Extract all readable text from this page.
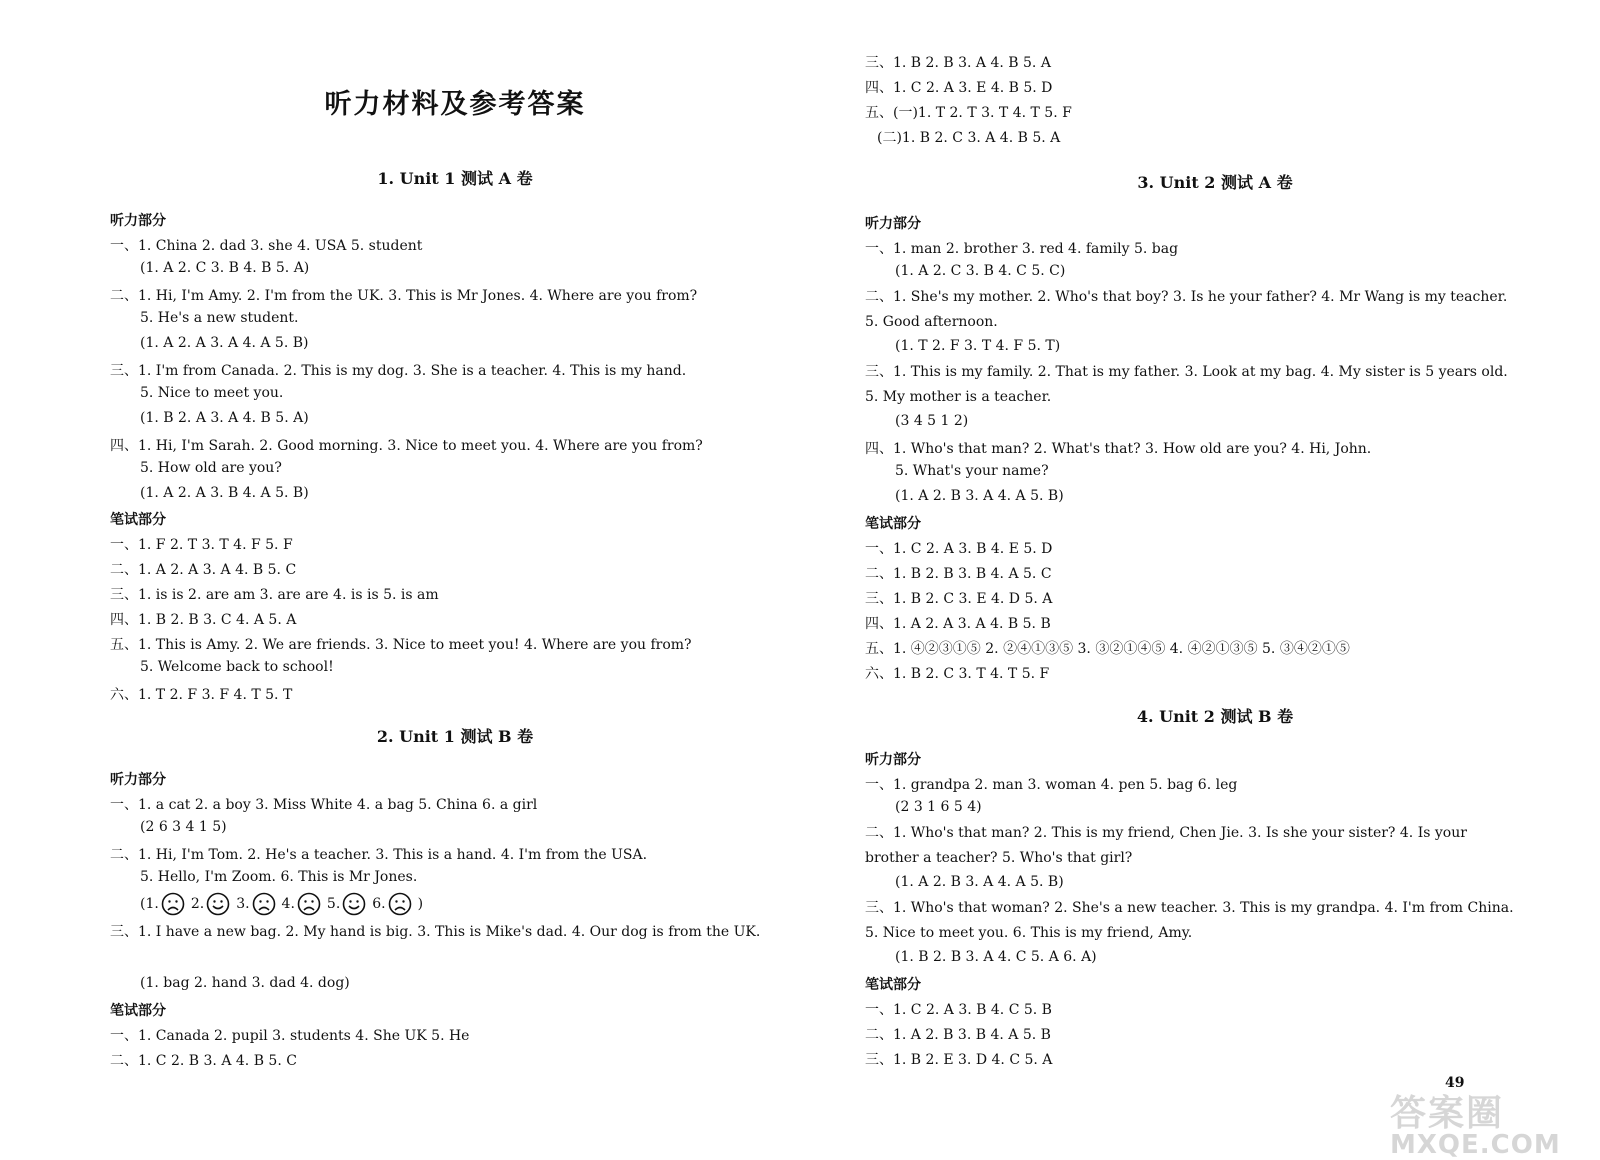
听力材料及参考答案
1. Unit 1 测试 A 卷
听力部分
一、1. China 2. dad 3. she 4. USA 5. student
(1. A 2. C 3. B 4. B 5. A)
二、1. Hi, I'm Amy. 2. I'm from the UK. 3. This is Mr Jones. 4. Where are you from?
5. He's a new student.
(1. A 2. A 3. A 4. A 5. B)
三、1. I'm from Canada. 2. This is my dog. 3. She is a teacher. 4. This is my hand.
5. Nice to meet you.
(1. B 2. A 3. A 4. B 5. A)
四、1. Hi, I'm Sarah. 2. Good morning. 3. Nice to meet you. 4. Where are you from?
5. How old are you?
(1. A 2. A 3. B 4. A 5. B)
笔试部分
一、1. F 2. T 3. T 4. F 5. F
二、1. A 2. A 3. A 4. B 5. C
三、1. is is 2. are am 3. are are 4. is is 5. is am
四、1. B 2. B 3. C 4. A 5. A
五、1. This is Amy. 2. We are friends. 3. Nice to meet you! 4. Where are you from?
5. Welcome back to school!
六、1. T 2. F 3. F 4. T 5. T
2. Unit 1 测试 B 卷
听力部分
一、1. a cat 2. a boy 3. Miss White 4. a bag 5. China 6. a girl
(2 6 3 4 1 5)
二、1. Hi, I'm Tom. 2. He's a teacher. 3. This is a hand. 4. I'm from the USA.
5. Hello, I'm Zoom. 6. This is Mr Jones.
(1. 2. 3. 4. 5. 6. )
三、1. I have a new bag. 2. My hand is big. 3. This is Mike's dad. 4. Our dog is from the UK.
(1. bag 2. hand 3. dad 4. dog)
笔试部分
一、1. Canada 2. pupil 3. students 4. She UK 5. He
二、1. C 2. B 3. A 4. B 5. C
三、1. B 2. B 3. A 4. B 5. A
四、1. C 2. A 3. E 4. B 5. D
五、(一)1. T 2. T 3. T 4. T 5. F
(二)1. B 2. C 3. A 4. B 5. A
3. Unit 2 测试 A 卷
听力部分
一、1. man 2. brother 3. red 4. family 5. bag
(1. A 2. C 3. B 4. C 5. C)
二、1. She's my mother. 2. Who's that boy? 3. Is he your father? 4. Mr Wang is my teacher. 5. Good afternoon.
(1. T 2. F 3. T 4. F 5. T)
三、1. This is my family. 2. That is my father. 3. Look at my bag. 4. My sister is 5 years old. 5. My mother is a teacher.
(3 4 5 1 2)
四、1. Who's that man? 2. What's that? 3. How old are you? 4. Hi, John.
5. What's your name?
(1. A 2. B 3. A 4. A 5. B)
笔试部分
一、1. C 2. A 3. B 4. E 5. D
二、1. B 2. B 3. B 4. A 5. C
三、1. B 2. C 3. E 4. D 5. A
四、1. A 2. A 3. A 4. B 5. B
五、1. ④②③①⑤ 2. ②④①③⑤ 3. ③②①④⑤ 4. ④②①③⑤ 5. ③④②①⑤
六、1. B 2. C 3. T 4. T 5. F
4. Unit 2 测试 B 卷
听力部分
一、1. grandpa 2. man 3. woman 4. pen 5. bag 6. leg
(2 3 1 6 5 4)
二、1. Who's that man? 2. This is my friend, Chen Jie. 3. Is she your sister? 4. Is your brother a teacher? 5. Who's that girl?
(1. A 2. B 3. A 4. A 5. B)
三、1. Who's that woman? 2. She's a new teacher. 3. This is my grandpa. 4. I'm from China. 5. Nice to meet you. 6. This is my friend, Amy.
(1. B 2. B 3. A 4. C 5. A 6. A)
笔试部分
一、1. C 2. A 3. B 4. C 5. B
二、1. A 2. B 3. B 4. A 5. B
三、1. B 2. E 3. D 4. C 5. A
49
答案圈
MXQE.COM
